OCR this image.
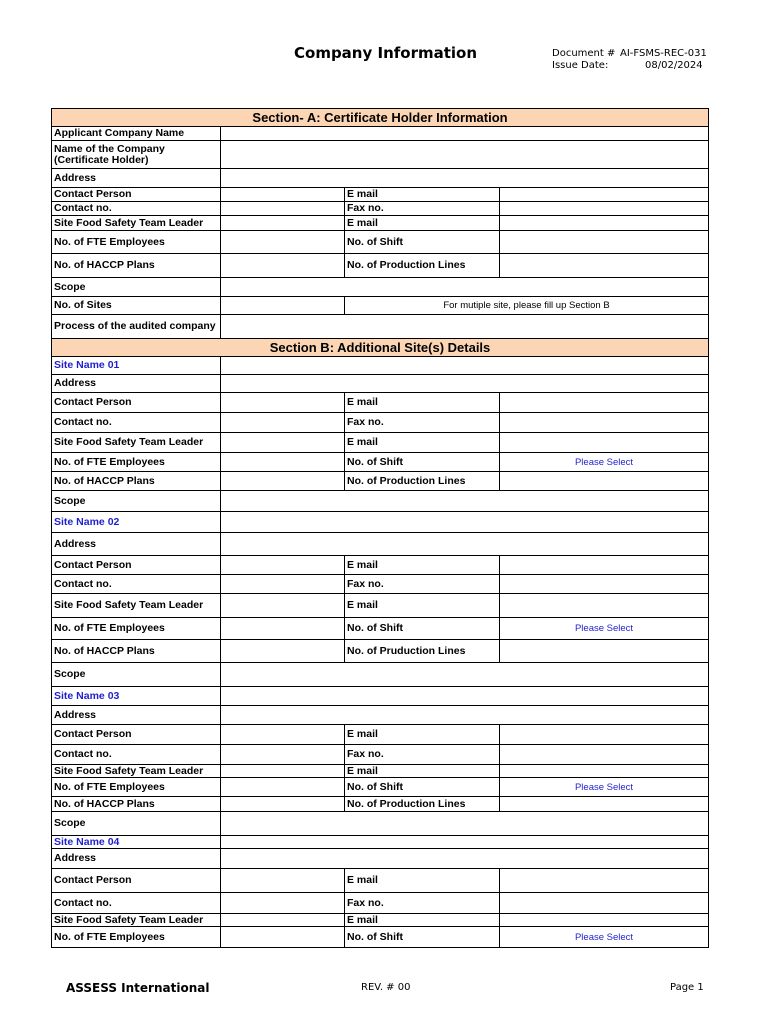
Company Information	Document # AI-FSMS-REC-031
Issue Date:	08/02/2024
Section- A: Certificate Holder Information			
Applicant Company Name			
Name of the Company (Certificate Holder)			
Address			
Contact Person		E mail	
Contact no.		Fax no.	
Site Food Safety Team Leader		E mail	
No. of FTE Employees		No. of Shift	
No. of HACCP Plans		No. of Production Lines	
Scope			
No. of Sites		For mutiple site, please fill up Section B	
Process of the audited company			
Section B: Additional Site(s) Details			
Site Name 01			
Address			
Contact Person		E mail	
Contact no.		Fax no.	
Site Food Safety Team Leader		E mail	
No. of FTE Employees		No. of Shift	Please Select
No. of HACCP Plans		No. of Production Lines	
Scope			
Site Name 02			
Address			
Contact Person		E mail	
Contact no.		Fax no.	
Site Food Safety Team Leader		E mail	
No. of FTE Employees		No. of Shift	Please Select
No. of HACCP Plans		No. of Pruduction Lines	
Scope			
Site Name 03			
Address			
Contact Person		E mail	
Contact no.		Fax no.	
Site Food Safety Team Leader		E mail	
No. of FTE Employees		No. of Shift	Please Select
No. of HACCP Plans		No. of Production Lines	
Scope			
Site Name 04			
Address			
Contact Person		E mail	
Contact no.		Fax no.	
Site Food Safety Team Leader		E mail	
No. of FTE Employees		No. of Shift	Please Select
ASSESS International	REV. # 00	Page 1
